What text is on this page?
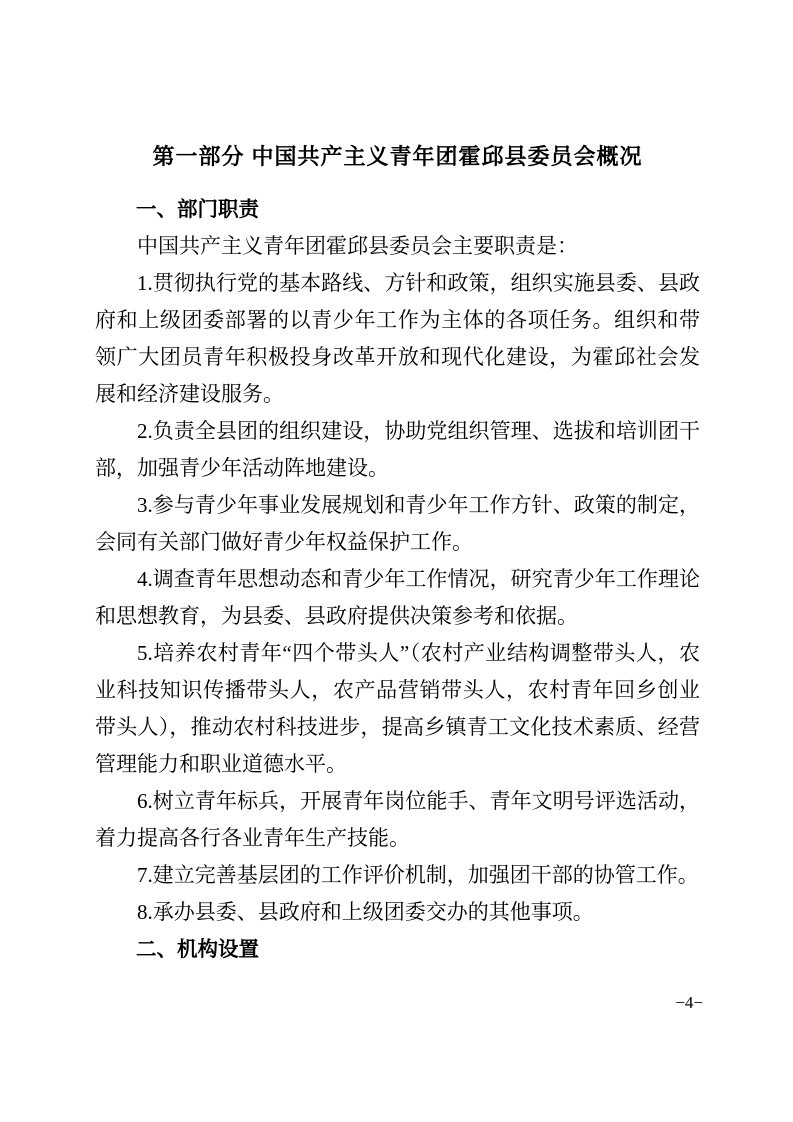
第一部分 中国共产主义青年团霍邱县委员会概况
一、部门职责

中国共产主义青年团霍邱县委员会主要职责是：

1.贯彻执行党的基本路线、方针和政策，组织实施县委、县政府和上级团委部署的以青少年工作为主体的各项任务。组织和带领广大团员青年积极投身改革开放和现代化建设，为霍邱社会发展和经济建设服务。

2.负责全县团的组织建设，协助党组织管理、选拔和培训团干部，加强青少年活动阵地建设。

3.参与青少年事业发展规划和青少年工作方针、政策的制定，会同有关部门做好青少年权益保护工作。

4.调查青年思想动态和青少年工作情况，研究青少年工作理论和思想教育，为县委、县政府提供决策参考和依据。

5.培养农村青年“四个带头人”（农村产业结构调整带头人，农业科技知识传播带头人，农产品营销带头人，农村青年回乡创业带头人），推动农村科技进步，提高乡镇青工文化技术素质、经营管理能力和职业道德水平。

6.树立青年标兵，开展青年岗位能手、青年文明号评选活动，着力提高各行各业青年生产技能。

7.建立完善基层团的工作评价机制，加强团干部的协管工作。

8.承办县委、县政府和上级团委交办的其他事项。

二、机构设置
−4−
